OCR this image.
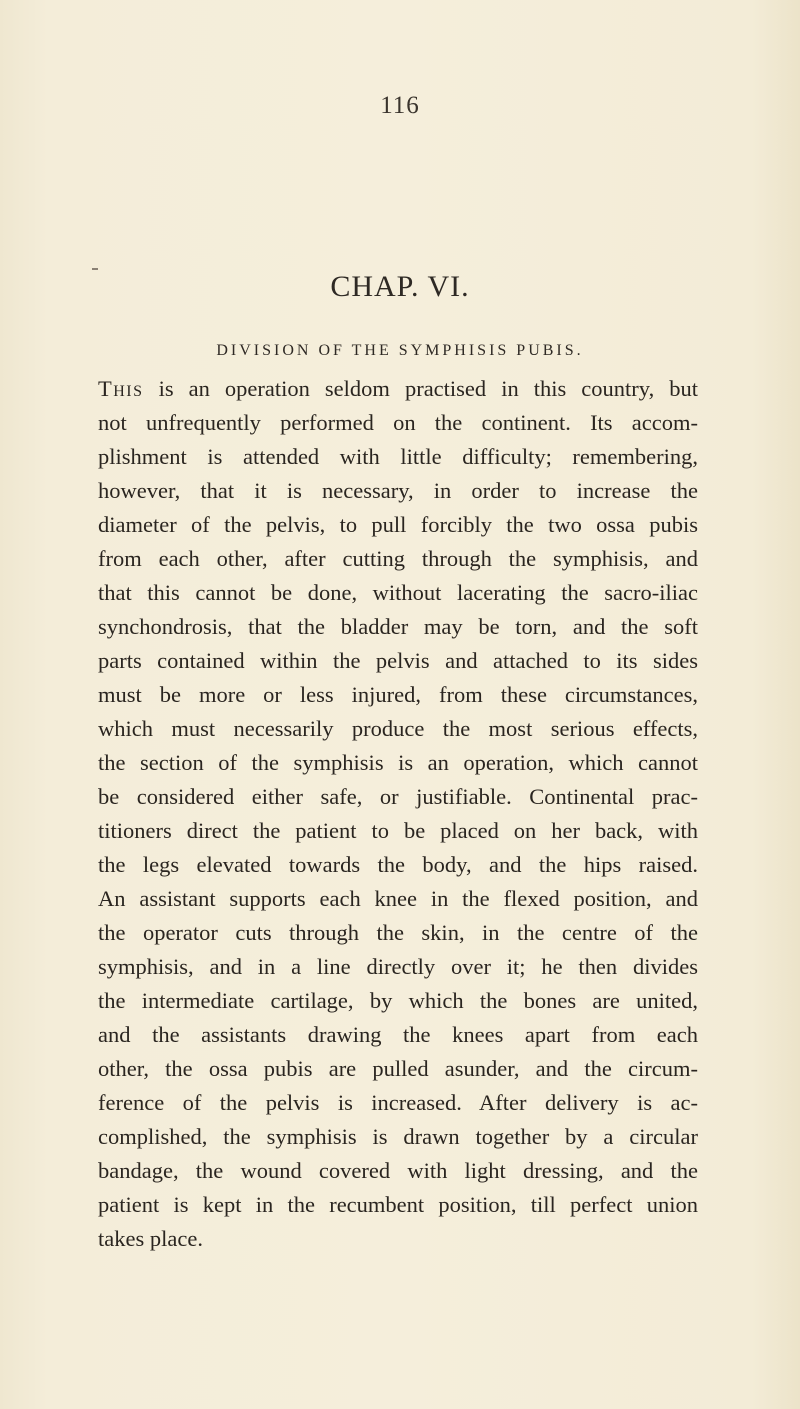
116
CHAP. VI.
DIVISION OF THE SYMPHISIS PUBIS.
This is an operation seldom practised in this country, but
not unfrequently performed on the continent. Its accom-
plishment is attended with little difficulty; remembering,
however, that it is necessary, in order to increase the
diameter of the pelvis, to pull forcibly the two ossa pubis
from each other, after cutting through the symphisis, and
that this cannot be done, without lacerating the sacro-iliac
synchondrosis, that the bladder may be torn, and the soft
parts contained within the pelvis and attached to its sides
must be more or less injured, from these circumstances,
which must necessarily produce the most serious effects,
the section of the symphisis is an operation, which cannot
be considered either safe, or justifiable. Continental prac-
titioners direct the patient to be placed on her back, with
the legs elevated towards the body, and the hips raised.
An assistant supports each knee in the flexed position, and
the operator cuts through the skin, in the centre of the
symphisis, and in a line directly over it; he then divides
the intermediate cartilage, by which the bones are united,
and the assistants drawing the knees apart from each
other, the ossa pubis are pulled asunder, and the circum-
ference of the pelvis is increased. After delivery is ac-
complished, the symphisis is drawn together by a circular
bandage, the wound covered with light dressing, and the
patient is kept in the recumbent position, till perfect union
takes place.
